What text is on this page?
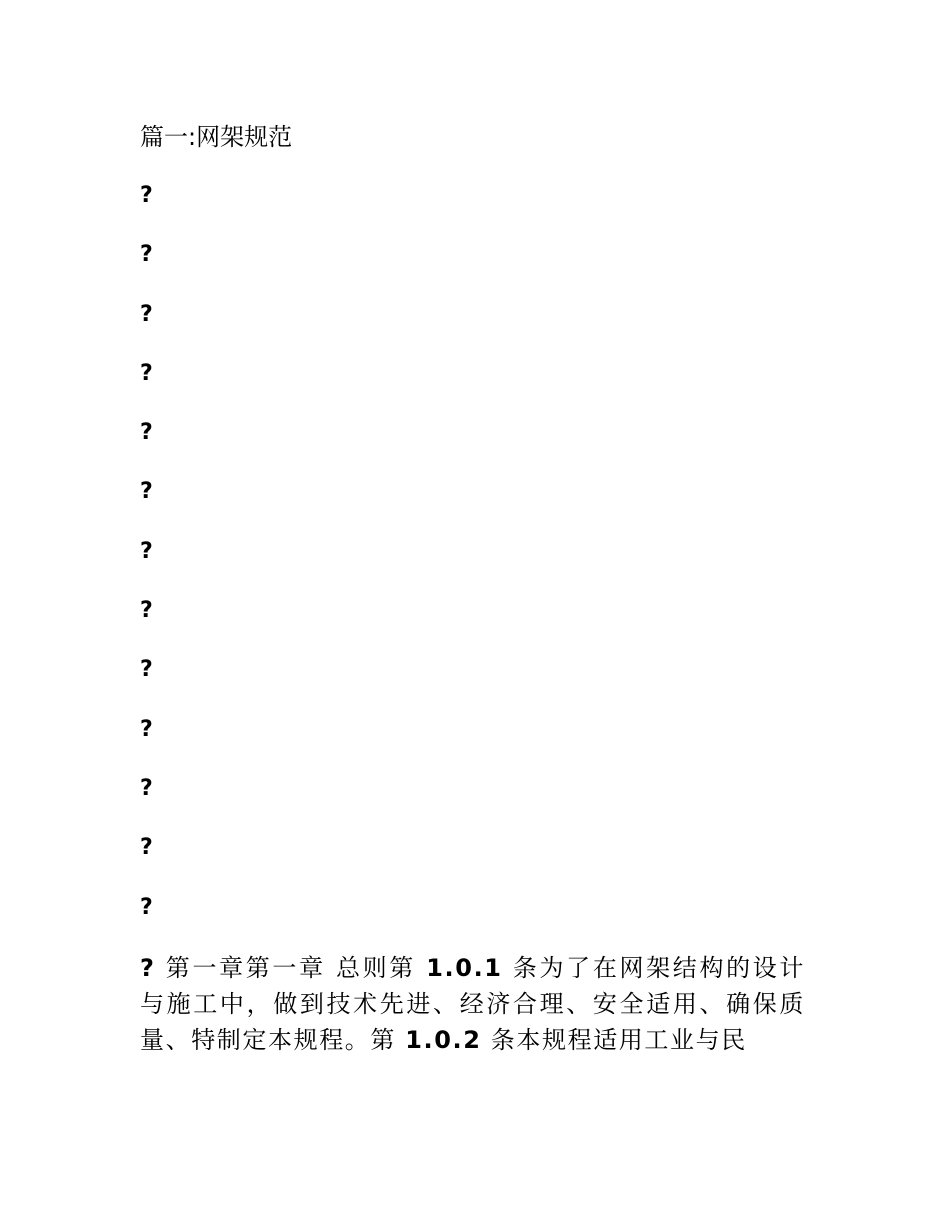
篇一:网架规范
?
?
?
?
?
?
?
?
?
?
?
?
?

? 第一章第一章 总则第 1.0.1 条为了在网架结构的设计与施工中，做到技术先进、经济合理、安全适用、确保质量、特制定本规程。第 1.0.2 条本规程适用工业与民
